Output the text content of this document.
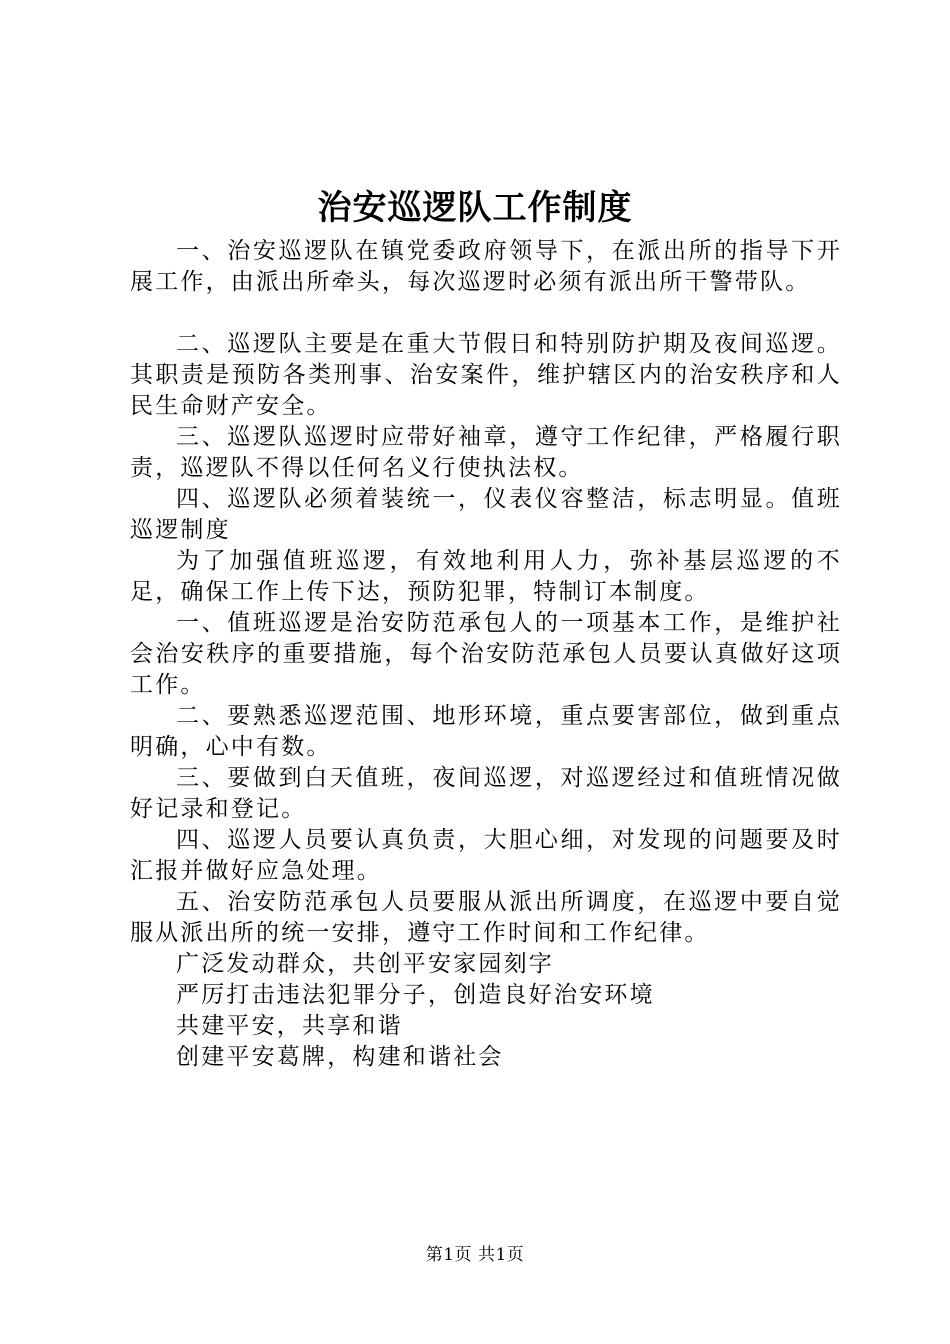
治安巡逻队工作制度

一、治安巡逻队在镇党委政府领导下，在派出所的指导下开展工作，由派出所牵头，每次巡逻时必须有派出所干警带队。

二、巡逻队主要是在重大节假日和特别防护期及夜间巡逻。其职责是预防各类刑事、治安案件，维护辖区内的治安秩序和人民生命财产安全。

三、巡逻队巡逻时应带好袖章，遵守工作纪律，严格履行职责，巡逻队不得以任何名义行使执法权。

四、巡逻队必须着装统一，仪表仪容整洁，标志明显。值班巡逻制度

为了加强值班巡逻，有效地利用人力，弥补基层巡逻的不足，确保工作上传下达，预防犯罪，特制订本制度。

一、值班巡逻是治安防范承包人的一项基本工作，是维护社会治安秩序的重要措施，每个治安防范承包人员要认真做好这项工作。

二、要熟悉巡逻范围、地形环境，重点要害部位，做到重点明确，心中有数。

三、要做到白天值班，夜间巡逻，对巡逻经过和值班情况做好记录和登记。

四、巡逻人员要认真负责，大胆心细，对发现的问题要及时汇报并做好应急处理。

五、治安防范承包人员要服从派出所调度，在巡逻中要自觉服从派出所的统一安排，遵守工作时间和工作纪律。

广泛发动群众，共创平安家园刻字

严厉打击违法犯罪分子，创造良好治安环境

共建平安，共享和谐

创建平安葛牌，构建和谐社会

第1页 共1页
